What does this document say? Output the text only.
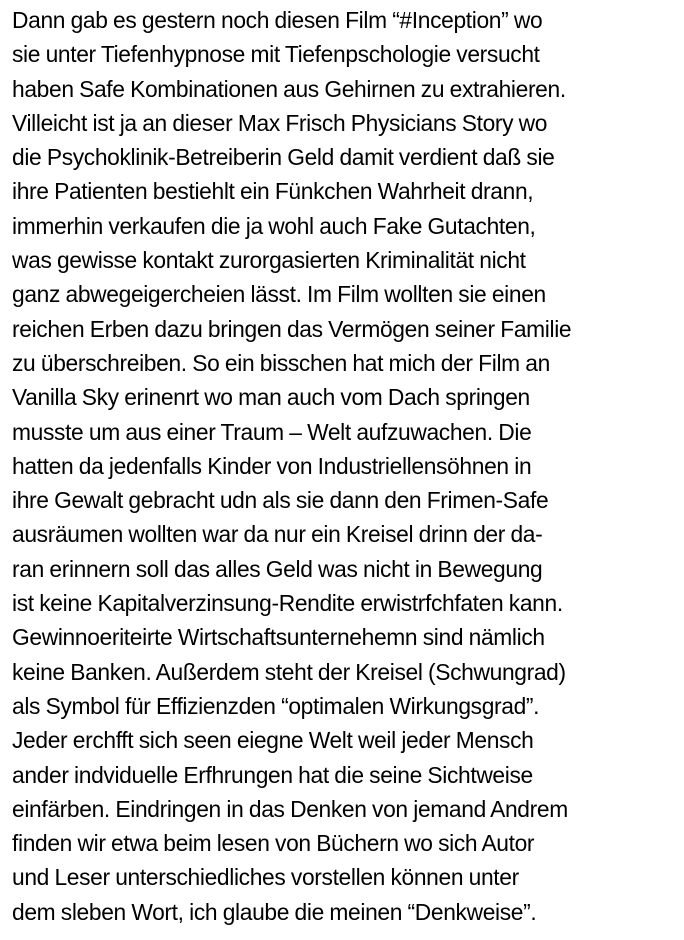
Dann gab es gestern noch diesen Film “#Inception” wo
sie unter Tiefenhypnose mit Tiefenpschologie versucht
haben Safe Kombinationen aus Gehirnen zu extrahieren.
Villeicht ist ja an dieser Max Frisch Physicians Story wo
die Psychoklinik-Betreiberin Geld damit verdient daß sie
ihre Patienten bestiehlt ein Fünkchen Wahrheit drann,
immerhin verkaufen die ja wohl auch Fake Gutachten,
was gewisse kontakt zurorgasierten Kriminalität nicht
ganz abwegeigercheien lässt. Im Film wollten sie einen
reichen Erben dazu bringen das Vermögen seiner Familie
zu überschreiben. So ein bisschen hat mich der Film an
Vanilla Sky erinenrt wo man auch vom Dach springen
musste um aus einer Traum – Welt aufzuwachen. Die
hatten da jedenfalls Kinder von Industriellensöhnen in
ihre Gewalt gebracht udn als sie dann den Frimen-Safe
ausräumen wollten war da nur ein Kreisel drinn der da-
ran erinnern soll das alles Geld was nicht in Bewegung
ist keine Kapitalverzinsung-Rendite erwistrfchfaten kann.
Gewinnoeriteirte Wirtschaftsunternehemn sind nämlich
keine Banken. Außerdem steht der Kreisel (Schwungrad)
als Symbol für Effizienzden “optimalen Wirkungsgrad”.
Jeder erchfft sich seen eiegne Welt weil jeder Mensch
ander indviduelle Erfhrungen hat die seine Sichtweise
einfärben. Eindringen in das Denken von jemand Andrem
finden wir etwa beim lesen von Büchern wo sich Autor
und Leser unterschiedliches vorstellen können unter
dem sleben Wort, ich glaube die meinen “Denkweise”.
